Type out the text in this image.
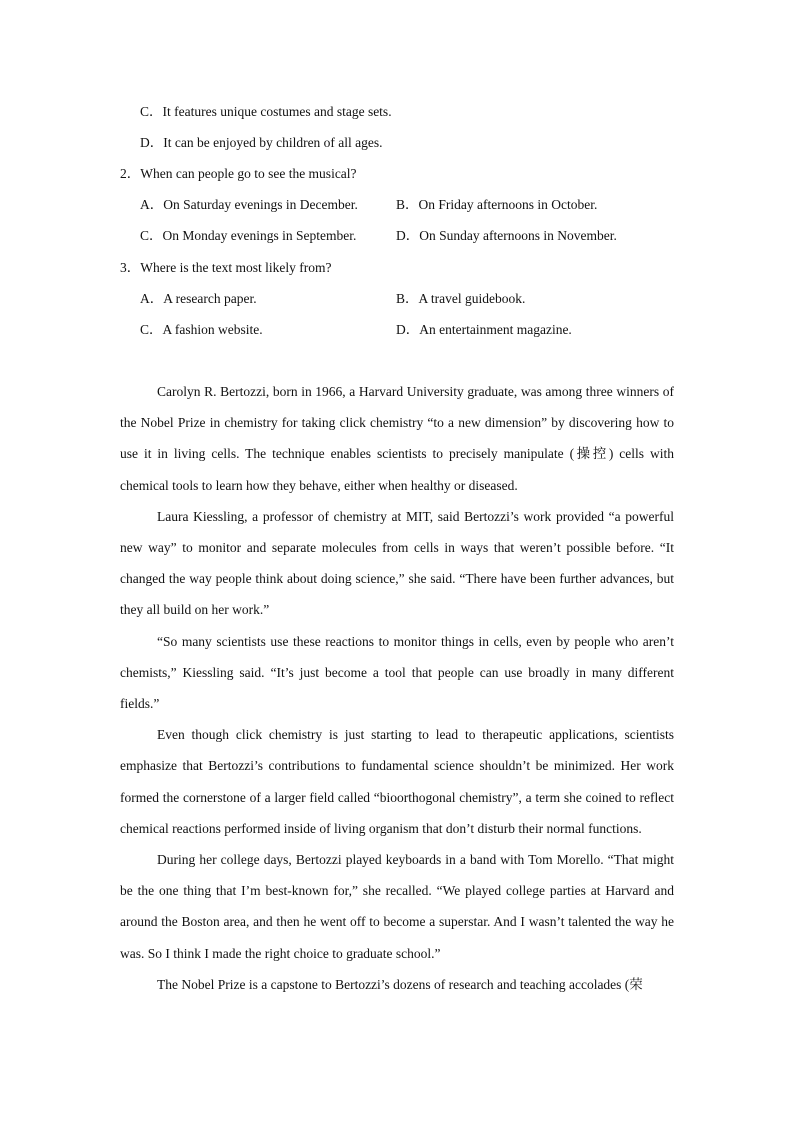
C．It features unique costumes and stage sets.
D．It can be enjoyed by children of all ages.
2．When can people go to see the musical?
A．On Saturday evenings in December.	B．On Friday afternoons in October.
C．On Monday evenings in September.	D．On Sunday afternoons in November.
3．Where is the text most likely from?
A．A research paper.	B．A travel guidebook.
C．A fashion website.	D．An entertainment magazine.

Carolyn R. Bertozzi, born in 1966, a Harvard University graduate, was among three winners of the Nobel Prize in chemistry for taking click chemistry “to a new dimension” by discovering how to use it in living cells. The technique enables scientists to precisely manipulate (操控) cells with chemical tools to learn how they behave, either when healthy or diseased.

Laura Kiessling, a professor of chemistry at MIT, said Bertozzi’s work provided “a powerful new way” to monitor and separate molecules from cells in ways that weren’t possible before. “It changed the way people think about doing science,” she said. “There have been further advances, but they all build on her work.”

“So many scientists use these reactions to monitor things in cells, even by people who aren’t chemists,” Kiessling said. “It’s just become a tool that people can use broadly in many different fields.”

Even though click chemistry is just starting to lead to therapeutic applications, scientists emphasize that Bertozzi’s contributions to fundamental science shouldn’t be minimized. Her work formed the cornerstone of a larger field called “bioorthogonal chemistry”, a term she coined to reflect chemical reactions performed inside of living organism that don’t disturb their normal functions.

During her college days, Bertozzi played keyboards in a band with Tom Morello. “That might be the one thing that I’m best-known for,” she recalled. “We played college parties at Harvard and around the Boston area, and then he went off to become a superstar. And I wasn’t talented the way he was. So I think I made the right choice to graduate school.”

The Nobel Prize is a capstone to Bertozzi’s dozens of research and teaching accolades (荣
